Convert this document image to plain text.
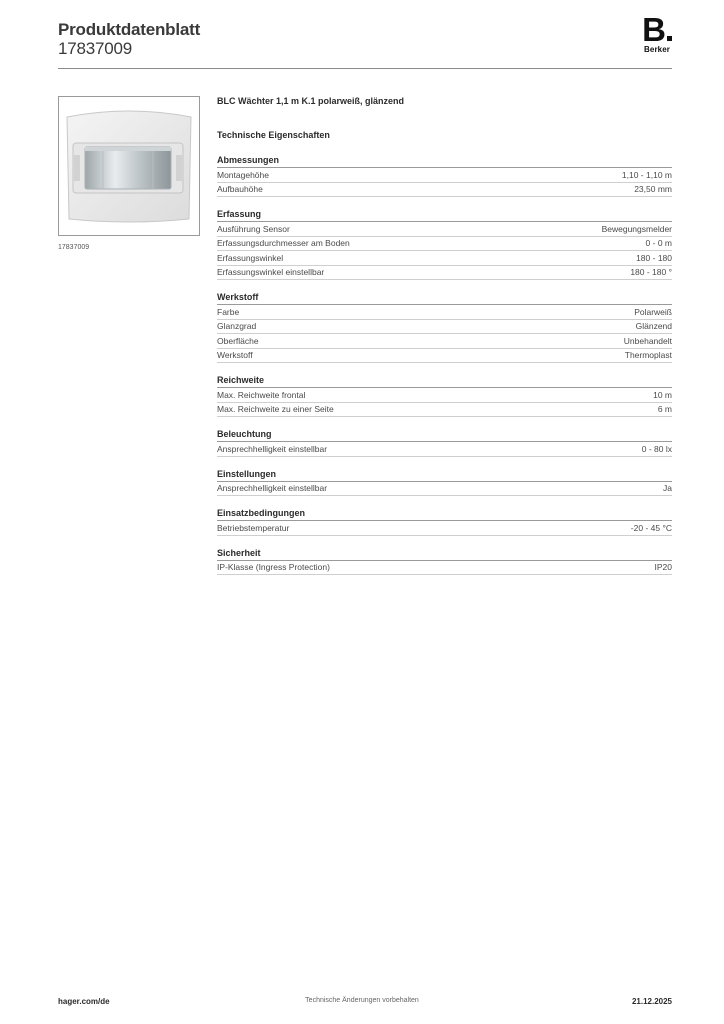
Produktdatenblatt
17837009
B
Berker
17837009
BLC Wächter 1,1 m K.1 polarweiß, glänzend
Technische Eigenschaften
Abmessungen
Montagehöhe	1,10 - 1,10 m
Aufbauhöhe	23,50 mm
Erfassung
Ausführung Sensor	Bewegungsmelder
Erfassungsdurchmesser am Boden	0 - 0 m
Erfassungswinkel	180 - 180
Erfassungswinkel einstellbar	180 - 180 °
Werkstoff
Farbe	Polarweiß
Glanzgrad	Glänzend
Oberfläche	Unbehandelt
Werkstoff	Thermoplast
Reichweite
Max. Reichweite frontal	10 m
Max. Reichweite zu einer Seite	6 m
Beleuchtung
Ansprechhelligkeit einstellbar	0 - 80 lx
Einstellungen
Ansprechhelligkeit einstellbar	Ja
Einsatzbedingungen
Betriebstemperatur	-20 - 45 °C
Sicherheit
IP-Klasse (Ingress Protection)	IP20
hager.com/de	Technische Änderungen vorbehalten	21.12.2025
